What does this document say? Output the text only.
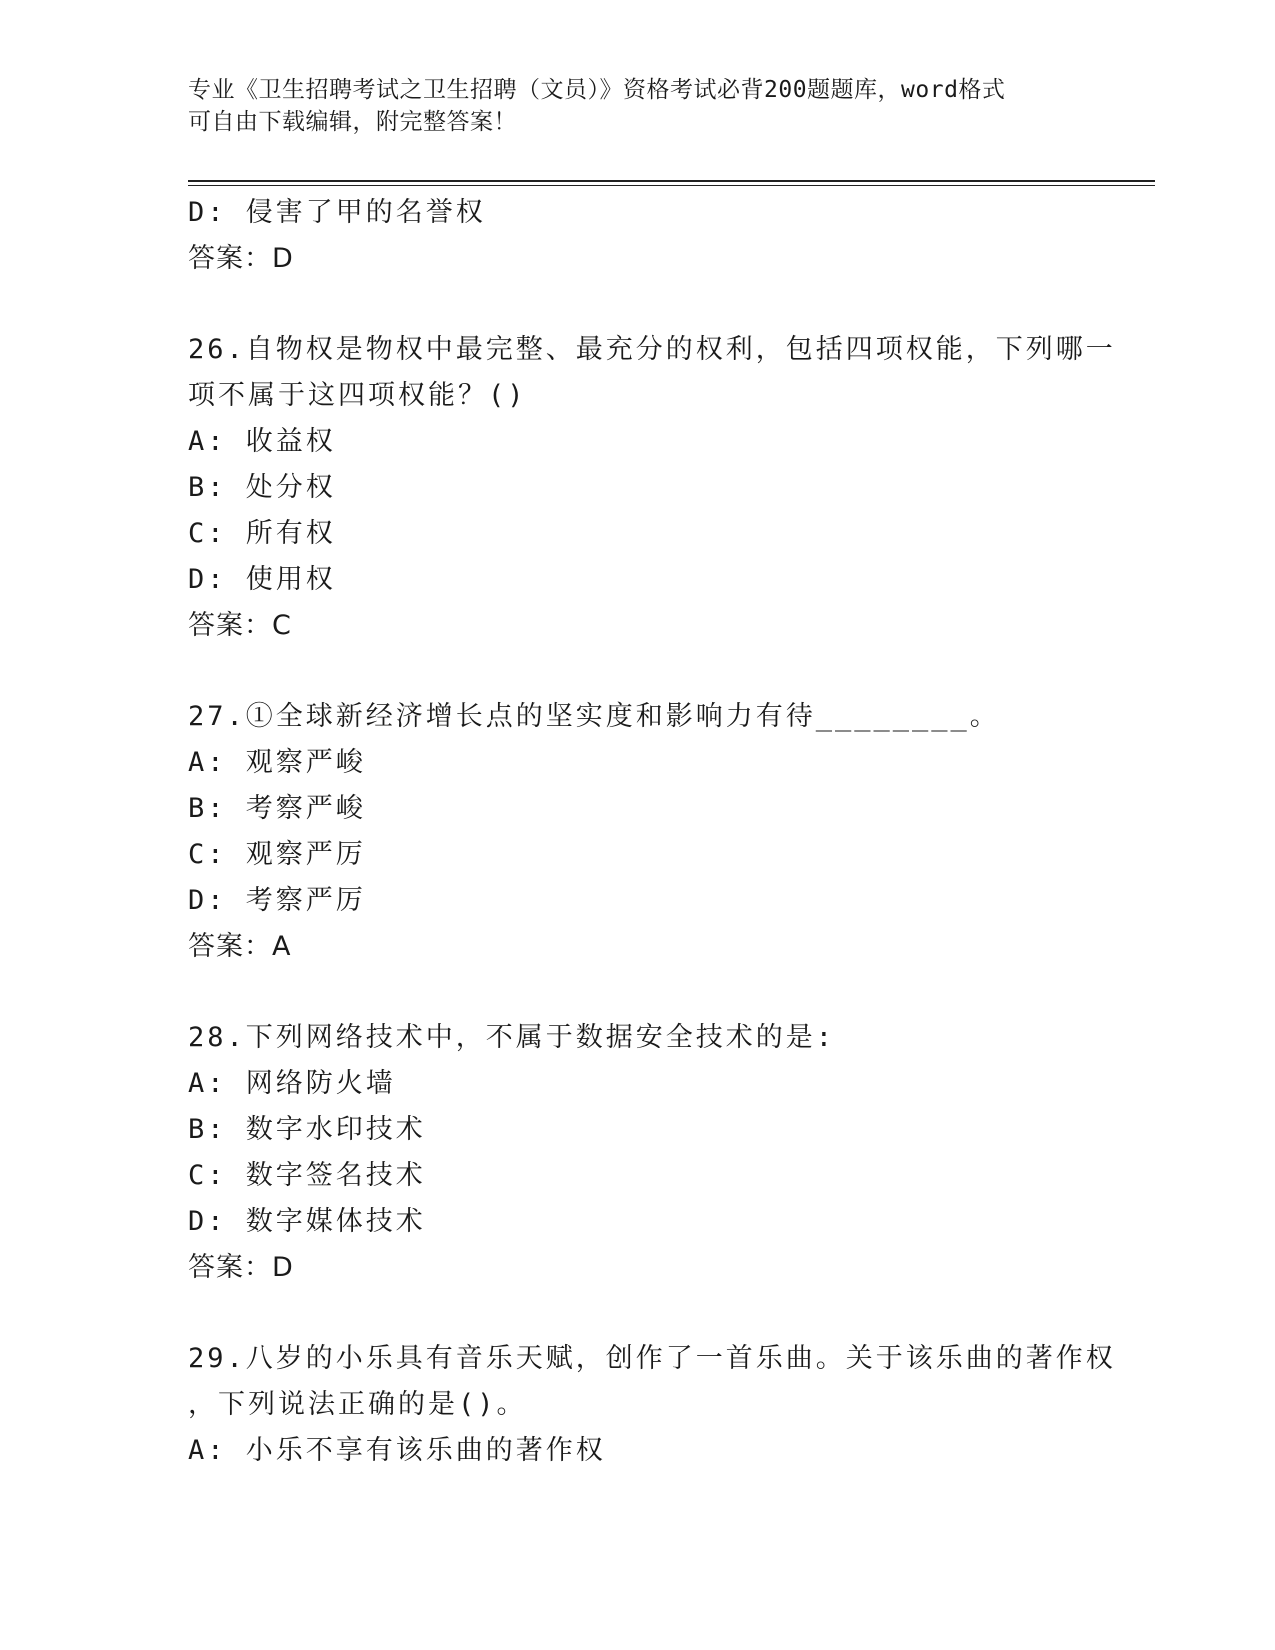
专业《卫生招聘考试之卫生招聘（文员）》资格考试必背200题题库，word格式
可自由下载编辑，附完整答案！
D: 侵害了甲的名誉权
答案：D
26.自物权是物权中最完整、最充分的权利，包括四项权能，下列哪一
项不属于这四项权能？()
A: 收益权
B: 处分权
C: 所有权
D: 使用权
答案：C
27.①全球新经济增长点的坚实度和影响力有待________。
A: 观察严峻
B: 考察严峻
C: 观察严厉
D: 考察严厉
答案：A
28.下列网络技术中，不属于数据安全技术的是:
A: 网络防火墙
B: 数字水印技术
C: 数字签名技术
D: 数字媒体技术
答案：D
29.八岁的小乐具有音乐天赋，创作了一首乐曲。关于该乐曲的著作权
，下列说法正确的是()。
A: 小乐不享有该乐曲的著作权
